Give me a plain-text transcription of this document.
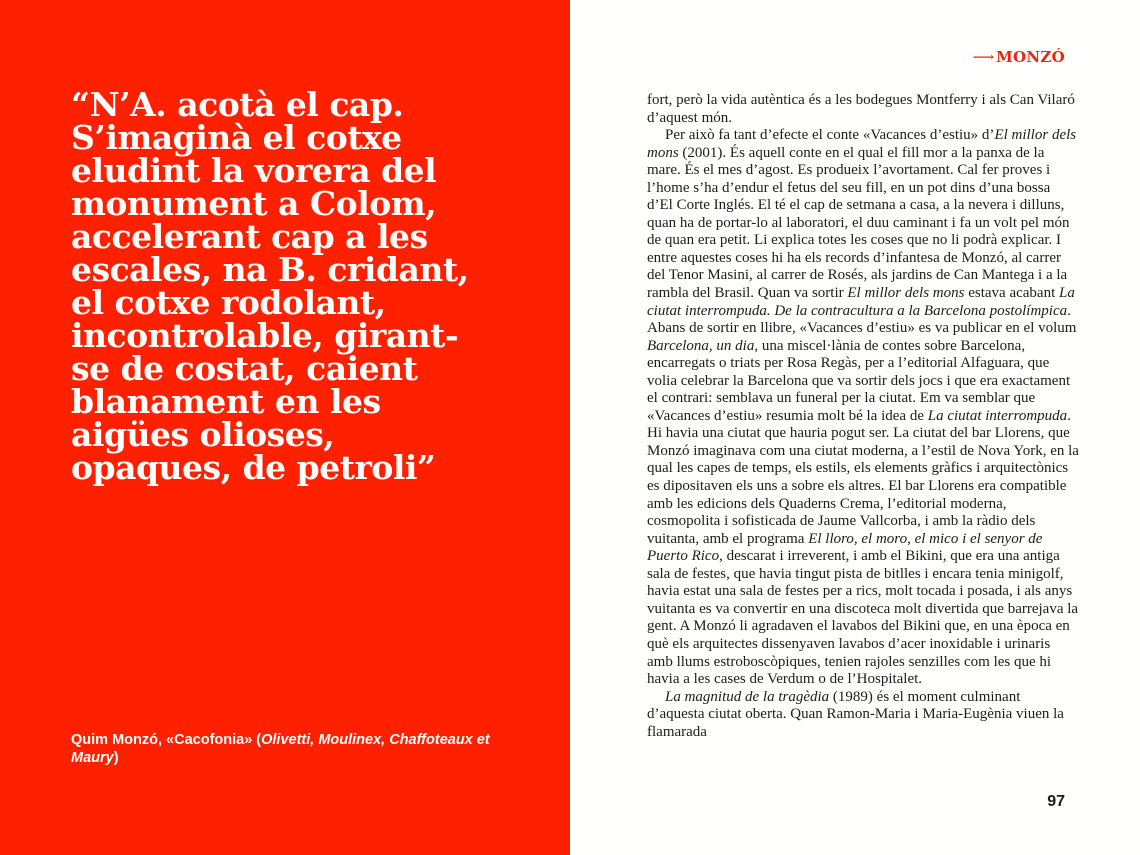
“N’A. acotà el cap.
S’imaginà el cotxe
eludint la vorera del
monument a Colom,
accelerant cap a les
escales, na B. cridant,
el cotxe rodolant,
incontrolable, girant-
se de costat, caient
blanament en les
aigües olioses,
opaques, de petroli”
Quim Monzó, «Cacofonia» (Olivetti, Moulinex, Chaffoteaux et Maury)
⟶ MONZÓ

fort, però la vida autèntica és a les bodegues Montferry i als Can Vilaró d’aquest món.

Per això fa tant d’efecte el conte «Vacances d’estiu» d’El millor dels mons (2001). És aquell conte en el qual el fill mor a la panxa de la mare. És el mes d’agost. Es produeix l’avortament. Cal fer proves i l’home s’ha d’endur el fetus del seu fill, en un pot dins d’una bossa d’El Corte Inglés. El té el cap de setmana a casa, a la nevera i dilluns, quan ha de portar-lo al laboratori, el duu caminant i fa un volt pel món de quan era petit. Li explica totes les coses que no li podrà explicar. I entre aquestes coses hi ha els records d’infantesa de Monzó, al carrer del Tenor Masini, al carrer de Rosés, als jardins de Can Mantega i a la rambla del Brasil. Quan va sortir El millor dels mons estava acabant La ciutat interrompuda. De la contracultura a la Barcelona postolímpica. Abans de sortir en llibre, «Vacances d’estiu» es va publicar en el volum Barcelona, un dia, una miscel·lània de contes sobre Barcelona, encarregats o triats per Rosa Regàs, per a l’editorial Alfaguara, que volia celebrar la Barcelona que va sortir dels jocs i que era exactament el contrari: semblava un funeral per la ciutat. Em va semblar que «Vacances d’estiu» resumia molt bé la idea de La ciutat interrompuda. Hi havia una ciutat que hauria pogut ser. La ciutat del bar Llorens, que Monzó imaginava com una ciutat moderna, a l’estil de Nova York, en la qual les capes de temps, els estils, els elements gràfics i arquitectònics es dipositaven els uns a sobre els altres. El bar Llorens era compatible amb les edicions dels Quaderns Crema, l’editorial moderna, cosmopolita i sofisticada de Jaume Vallcorba, i amb la ràdio dels vuitanta, amb el programa El lloro, el moro, el mico i el senyor de Puerto Rico, descarat i irreverent, i amb el Bikini, que era una antiga sala de festes, que havia tingut pista de bitlles i encara tenia minigolf, havia estat una sala de festes per a rics, molt tocada i posada, i als anys vuitanta es va convertir en una discoteca molt divertida que barrejava la gent. A Monzó li agradaven el lavabos del Bikini que, en una època en què els arquitectes dissenyaven lavabos d’acer inoxidable i urinaris amb llums estroboscòpiques, tenien rajoles senzilles com les que hi havia a les cases de Verdum o de l’Hospitalet.

La magnitud de la tragèdia (1989) és el moment culminant d’aquesta ciutat oberta. Quan Ramon-Maria i Maria-Eugènia viuen la flamarada

97
